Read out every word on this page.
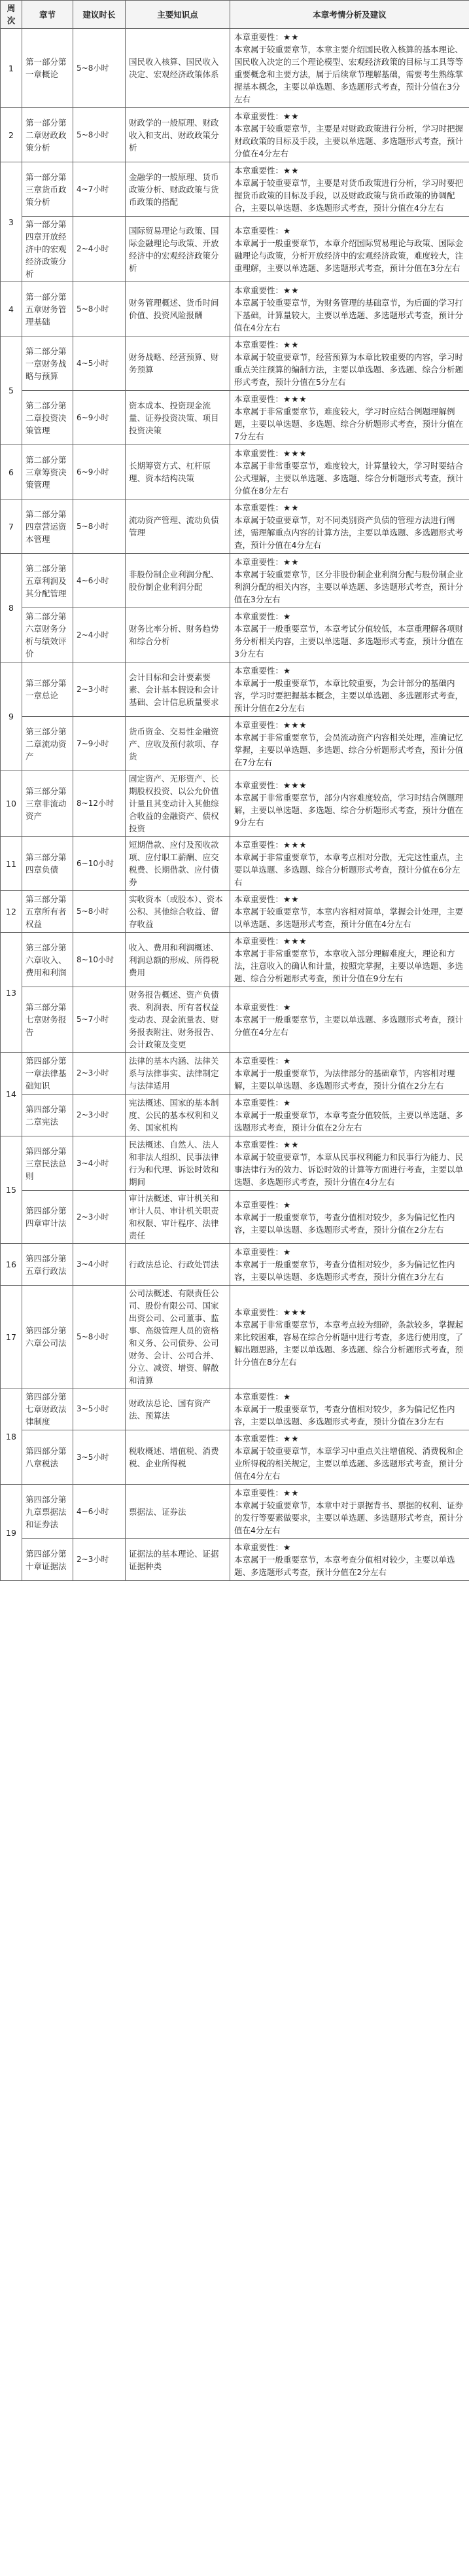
周次	章节	建议时长	主要知识点	本章考情分析及建议
1	第一部分第一章概论	5~8小时	国民收入核算、国民收入决定、宏观经济政策体系	本章重要性：★★
本章属于较重要章节，本章主要介绍国民收入核算的基本理论、国民收入决定的三个理论模型、宏观经济政策的目标与工具等等重要概念和主要方法，属于后续章节理解基础，需要考生熟练掌握基本概念，主要以单选题、多选题形式考查，预计分值在3分左右
2	第一部分第二章财政政策分析	5~8小时	财政学的一般原理、财政收入和支出、财政政策分析	本章重要性：★★
本章属于较重要章节，主要是对财政政策进行分析，学习时把握财政政策的目标及手段，主要以单选题、多选题形式考查，预计分值在4分左右
3	第一部分第三章货币政策分析	4~7小时	金融学的一般原理、货币政策分析、财政政策与货币政策的搭配	本章重要性：★★
本章属于较重要章节，主要是对货币政策进行分析，学习时要把握货币政策的目标及手段，以及财政政策与货币政策的协调配合，主要以单选题、多选题形式考查，预计分值在4分左右
	第一部分第四章开放经济中的宏观经济政策分析	2~4小时	国际贸易理论与政策、国际金融理论与政策、开放经济中的宏观经济政策分析	本章重要性：★
本章属于一般重要章节，本章介绍国际贸易理论与政策、国际金融理论与政策，分析开放经济中的宏观经济政策，难度较大，注重理解，主要以单选题、多选题形式考查，预计分值在3分左右
4	第一部分第五章财务管理基础	5~8小时	财务管理概述、货币时间价值、投资风险报酬	本章重要性：★★
本章属于较重要章节，为财务管理的基础章节，为后面的学习打下基础，计算量较大，主要以单选题、多选题形式考查，预计分值在4分左右
5	第二部分第一章财务战略与预算	4~5小时	财务战略、经营预算、财务预算	本章重要性：★★
本章属于较重要章节，经营预算为本章比较重要的内容，学习时重点关注预算的编制方法，主要以单选题、多选题、综合分析题形式考查，预计分值在5分左右
	第二部分第二章投资决策管理	6~9小时	资本成本、投资现金流量、证券投资决策、项目投资决策	本章重要性：★★★
本章属于非常重要章节，难度较大，学习时应结合例题理解例题，主要以单选题、多选题、综合分析题形式考查，预计分值在7分左右
6	第二部分第三章筹资决策管理	6~9小时	长期筹资方式、杠杆原理、资本结构决策	本章重要性：★★★
本章属于非常重要章节，难度较大，计算量较大，学习时要结合公式理解，主要以单选题、多选题、综合分析题形式考查，预计分值在8分左右
7	第二部分第四章营运资本管理	5~8小时	流动资产管理、流动负债管理	本章重要性：★★
本章属于较重要章节，对不同类别资产负债的管理方法进行阐述，需理解重点内容的计算方法，主要以单选题、多选题形式考查，预计分值在4分左右
8	第二部分第五章利润及其分配管理	4~6小时	非股份制企业利润分配、股份制企业利润分配	本章重要性：★★
本章属于较重要章节，区分非股份制企业利润分配与股份制企业利润分配的相关内容，主要以单选题、多选题形式考查，预计分值在3分左右
	第二部分第六章财务分析与绩效评价	2~4小时	财务比率分析、财务趋势和综合分析	本章重要性：★
本章属于一般重要章节，本章考试分值较低，本章重理解各项财务分析相关内容，主要以单选题、多选题形式考查，预计分值在3分左右
9	第三部分第一章总论	2~3小时	会计目标和会计要素要素、会计基本假设和会计基础、会计信息质量要求	本章重要性：★
本章属于一般重要章节，本章比较重要，为会计部分的基础内容，学习时要把握基本概念，主要以单选题、多选题形式考查，预计分值在2分左右
	第三部分第二章流动资产	7~9小时	货币资金、交易性金融资产、应收及预付款项、存货	本章重要性：★★★
本章属于非常重要章节，会员流动资产内容相关处理，准确记忆掌握，主要以单选题、多选题、综合分析题形式考查，预计分值在7分左右
10	第三部分第三章非流动资产	8~12小时	固定资产、无形资产、长期股权投资、以公允价值计量且其变动计入其他综合收益的金融资产、债权投资	本章重要性：★★★
本章属于非常重要章节，部分内容难度较高，学习时结合例题理解，主要以单选题、多选题、综合分析题形式考查，预计分值在9分左右
11	第三部分第四章负债	6~10小时	短期借款、应付及预收款项、应付职工薪酬、应交税费、长期借款、应付债券	本章重要性：★★★
本章属于非常重要章节，本章考点相对分散，无完这性重点，主要以单选题、多选题、综合分析题形式考查，预计分值在6分左右
12	第三部分第五章所有者权益	5~8小时	实收资本（或股本）、资本公积、其他综合收益、留存收益	本章重要性：★★
本章属于较重要章节，本章内容相对简单，掌握会计处理，主要以单选题、多选题形式考查，预计分值在4分左右
13	第三部分第六章收入、费用和利润	8~10小时	收入、费用和利润概述、利润总额的形成、所得税费用	本章重要性：★★★
本章属于非常重要章节，本章收入部分理解难度大，理论和方法，注意收入的确认和计量，按照完掌握，主要以单选题、多选题、综合分析题形式考查，预计分值在9分左右
	第三部分第七章财务报告	5~7小时	财务报告概述、资产负债表、利润表、所有者权益变动表、现金流量表、财务报表附注、财务报告、会计政策及变更	本章重要性：★
本章属于一般重要章节，主要以单选题、多选题形式考查，预计分值在4分左右
14	第四部分第一章法律基础知识	2~3小时	法律的基本内涵、法律关系与法律事实、法律制定与法律适用	本章重要性：★
本章属于一般重要章节，为法律部分的基础章节，内容相对理解，主要以单选题、多选题形式考查，预计分值在2分左右
	第四部分第二章宪法	2~3小时	宪法概述、国家的基本制度、公民的基本权利和义务、国家机构	本章重要性：★
本章属于一般重要章节，本章考查分值较低，主要以单选题、多选题形式考查，预计分值在2分左右
15	第四部分第三章民法总则	3~4小时	民法概述、自然人、法人和非法人组织、民事法律行为和代理、诉讼时效和期间	本章重要性：★★
本章属于较重要章节，本章从民事权利能力和民事行为能力、民事法律行为的效力、诉讼时效的计算等方面进行考查，主要以单选题、多选题形式考查，预计分值在4分左右
	第四部分第四章审计法	2~3小时	审计法概述、审计机关和审计人员、审计机关职责和权限、审计程序、法律责任	本章重要性：★
本章属于一般重要章节，考查分值相对较少，多为偏记忆性内容，主要以单选题、多选题形式考查，预计分值在2分左右
16	第四部分第五章行政法	3~4小时	行政法总论、行政处罚法	本章重要性：★
本章属于一般重要章节，考查分值相对较少，多为偏记忆性内容，主要以单选题、多选题形式考查，预计分值在3分左右
17	第四部分第六章公司法	5~8小时	公司法概述、有限责任公司、股份有限公司、国家出资公司、公司董事、监事、高级管理人员的资格和义务、公司债券、公司财务、会计、公司合并、分立、减资、增资、解散和清算	本章重要性：★★★
本章属于非常重要章节，本章考点较为细碎，条款较多，掌握起来比较困难，容易在综合分析题中进行考查，多选行使用度，了解出题思路，主要以单选题、多选题、综合分析题形式考查，预计分值在8分左右
18	第四部分第七章财政法律制度	3~5小时	财政法总论、国有资产法、预算法	本章重要性：★
本章属于一般重要章节，考查分值相对较少，多为偏记忆性内容，主要以单选题、多选题形式考查，预计分值在3分左右
	第四部分第八章税法	3~5小时	税收概述、增值税、消费税、企业所得税	本章重要性：★★
本章属于较重要章节，本章学习中重点关注增值税、消费税和企业所得税的相关规定，主要以单选题、多选题形式考查，预计分值在4分左右
19	第四部分第九章票据法和证券法	4~6小时	票据法、证券法	本章重要性：★★
本章属于较重要章节，本章中对于票据背书、票据的权利、证券的发行等要素做要求，主要以单选题、多选题形式考查，预计分值在4分左右
	第四部分第十章证据法	2~3小时	证据法的基本理论、证据证据种类	本章重要性：★
本章属于一般重要章节，本章考查分值相对较少，主要以单选题、多选题形式考查，预计分值在2分左右
